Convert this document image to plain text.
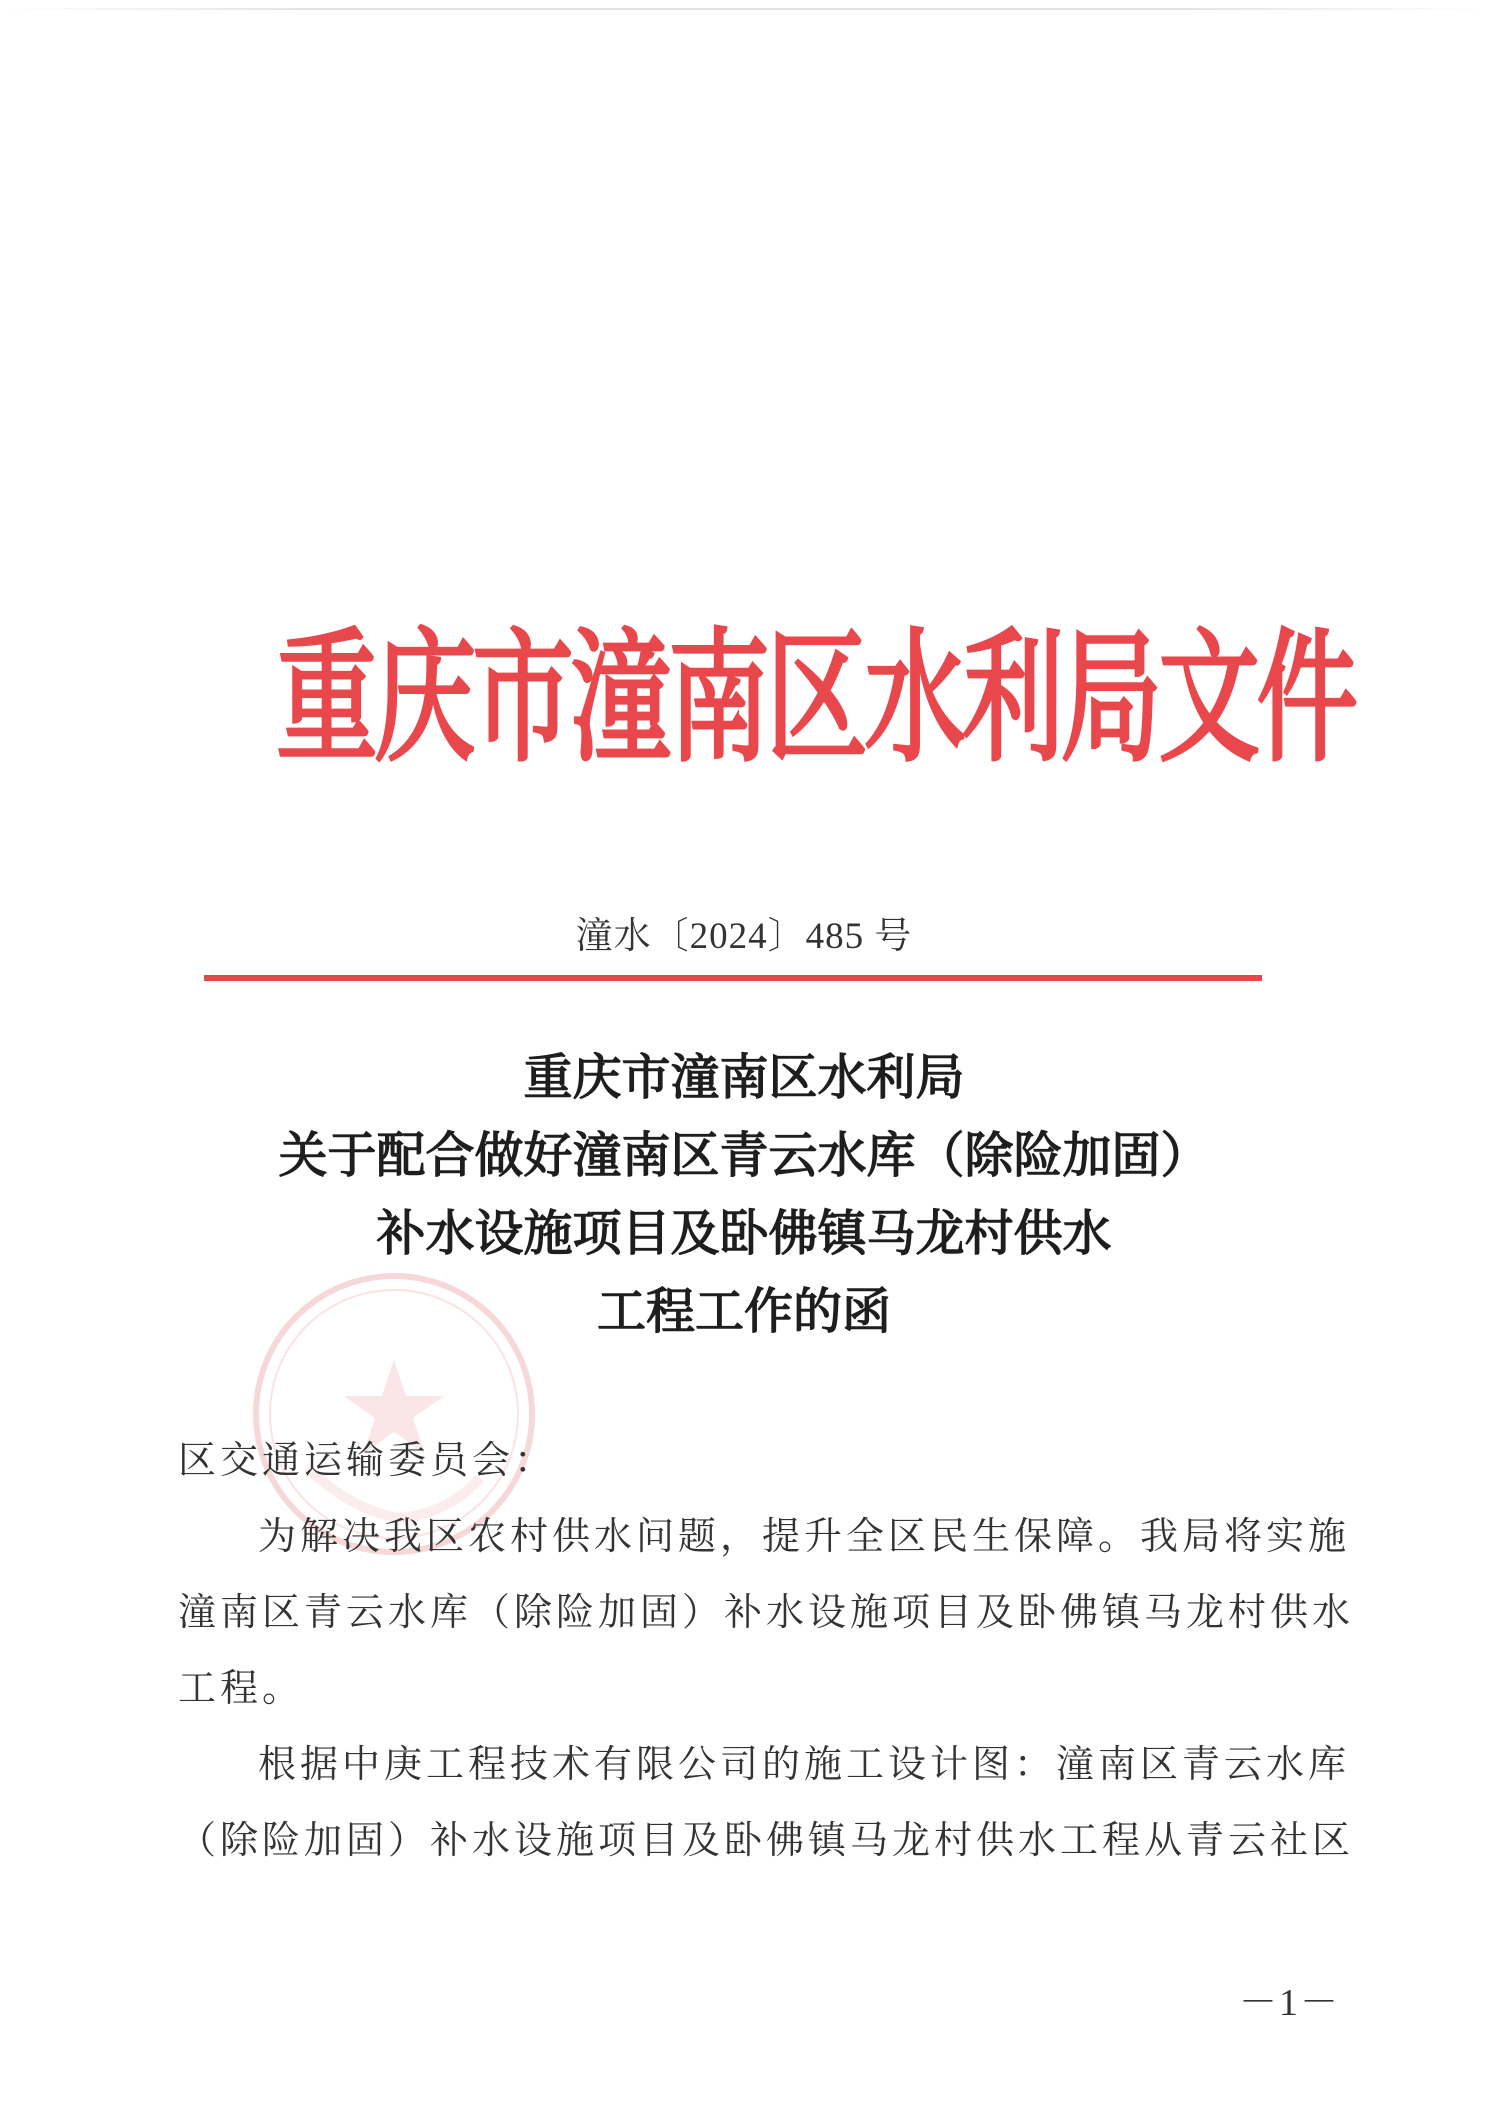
重庆市潼南区水利局文件
潼水〔2024〕485 号
重庆市潼南区水利局
关于配合做好潼南区青云水库（除险加固）
补水设施项目及卧佛镇马龙村供水
工程工作的函
区交通运输委员会：
为解决我区农村供水问题，提升全区民生保障。我局将实施
潼南区青云水库（除险加固）补水设施项目及卧佛镇马龙村供水
工程。
根据中庚工程技术有限公司的施工设计图：潼南区青云水库
（除险加固）补水设施项目及卧佛镇马龙村供水工程从青云社区
－1－
